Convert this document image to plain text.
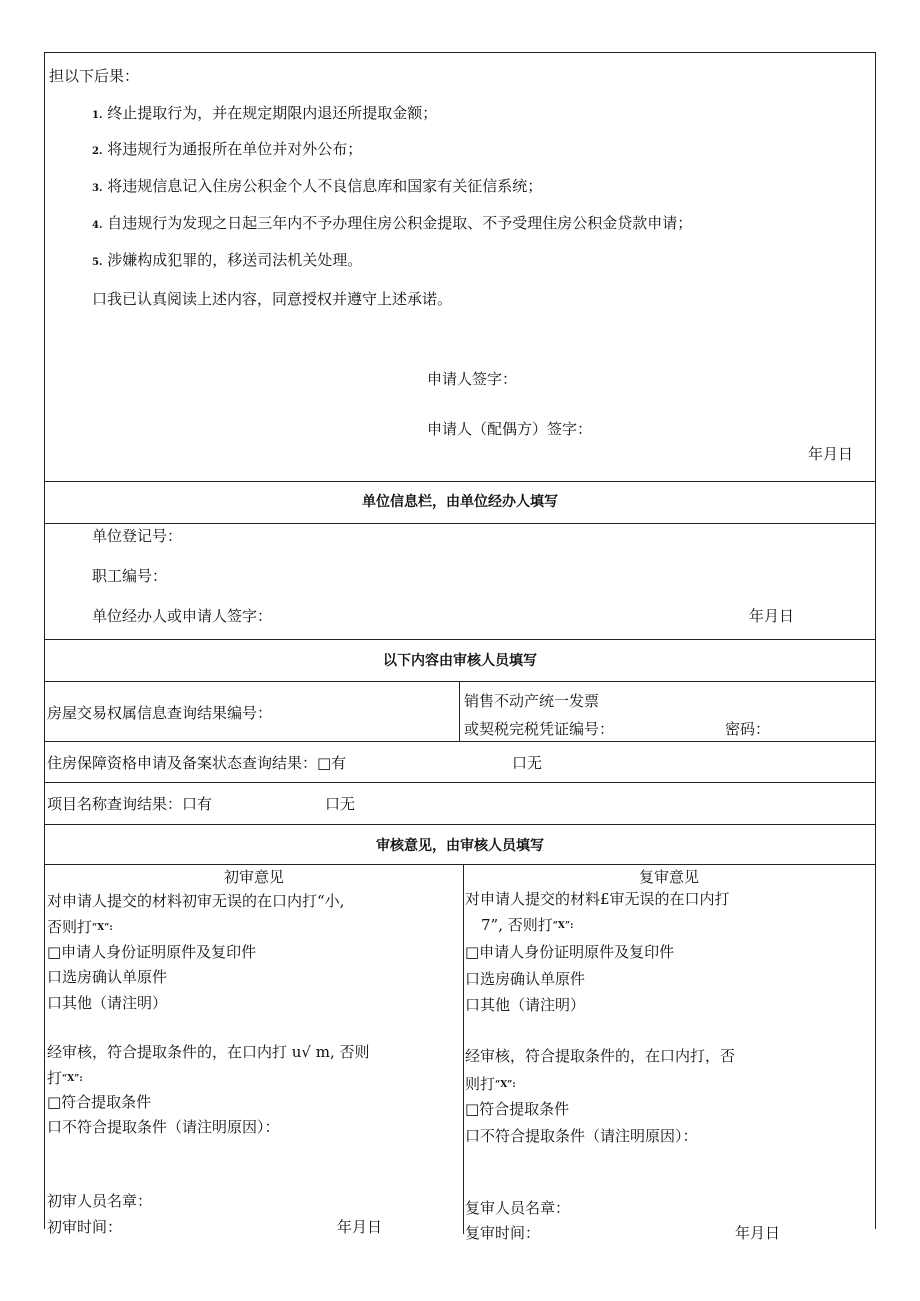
担以下后果：
1. 终止提取行为，并在规定期限内退还所提取金额；
2. 将违规行为通报所在单位并对外公布；
3. 将违规信息记入住房公积金个人不良信息库和国家有关征信系统；
4. 自违规行为发现之日起三年内不予办理住房公积金提取、不予受理住房公积金贷款申请；
5. 涉嫌构成犯罪的，移送司法机关处理。
口我已认真阅读上述内容，同意授权并遵守上述承诺。
申请人签字：
申请人（配偶方）签字：
年月日
单位信息栏，由单位经办人填写
单位登记号：
职工编号：
单位经办人或申请人签字：	年月日
以下内容由审核人员填写
房屋交易权属信息查询结果编号：
销售不动产统一发票
或契税完税凭证编号：	密码：
住房保障资格申请及备案状态查询结果：□有	口无
项目名称查询结果：口有	口无
审核意见，由审核人员填写
初审意见
对申请人提交的材料初审无误的在口内打“小,
否则打“X”:
□申请人身份证明原件及复印件
口选房确认单原件
口其他（请注明）
经审核，符合提取条件的，在口内打 u√ m, 否则
打“X”:
□符合提取条件
口不符合提取条件（请注明原因）：
初审人员名章：
初审时间：	年月日
复审意见
对申请人提交的材料£审无误的在口内打
7”, 否则打“X”:
□申请人身份证明原件及复印件
口选房确认单原件
口其他（请注明）
经审核，符合提取条件的，在口内打，否
则打“X”:
□符合提取条件
口不符合提取条件（请注明原因）：
复审人员名章：
复审时间：	年月日
